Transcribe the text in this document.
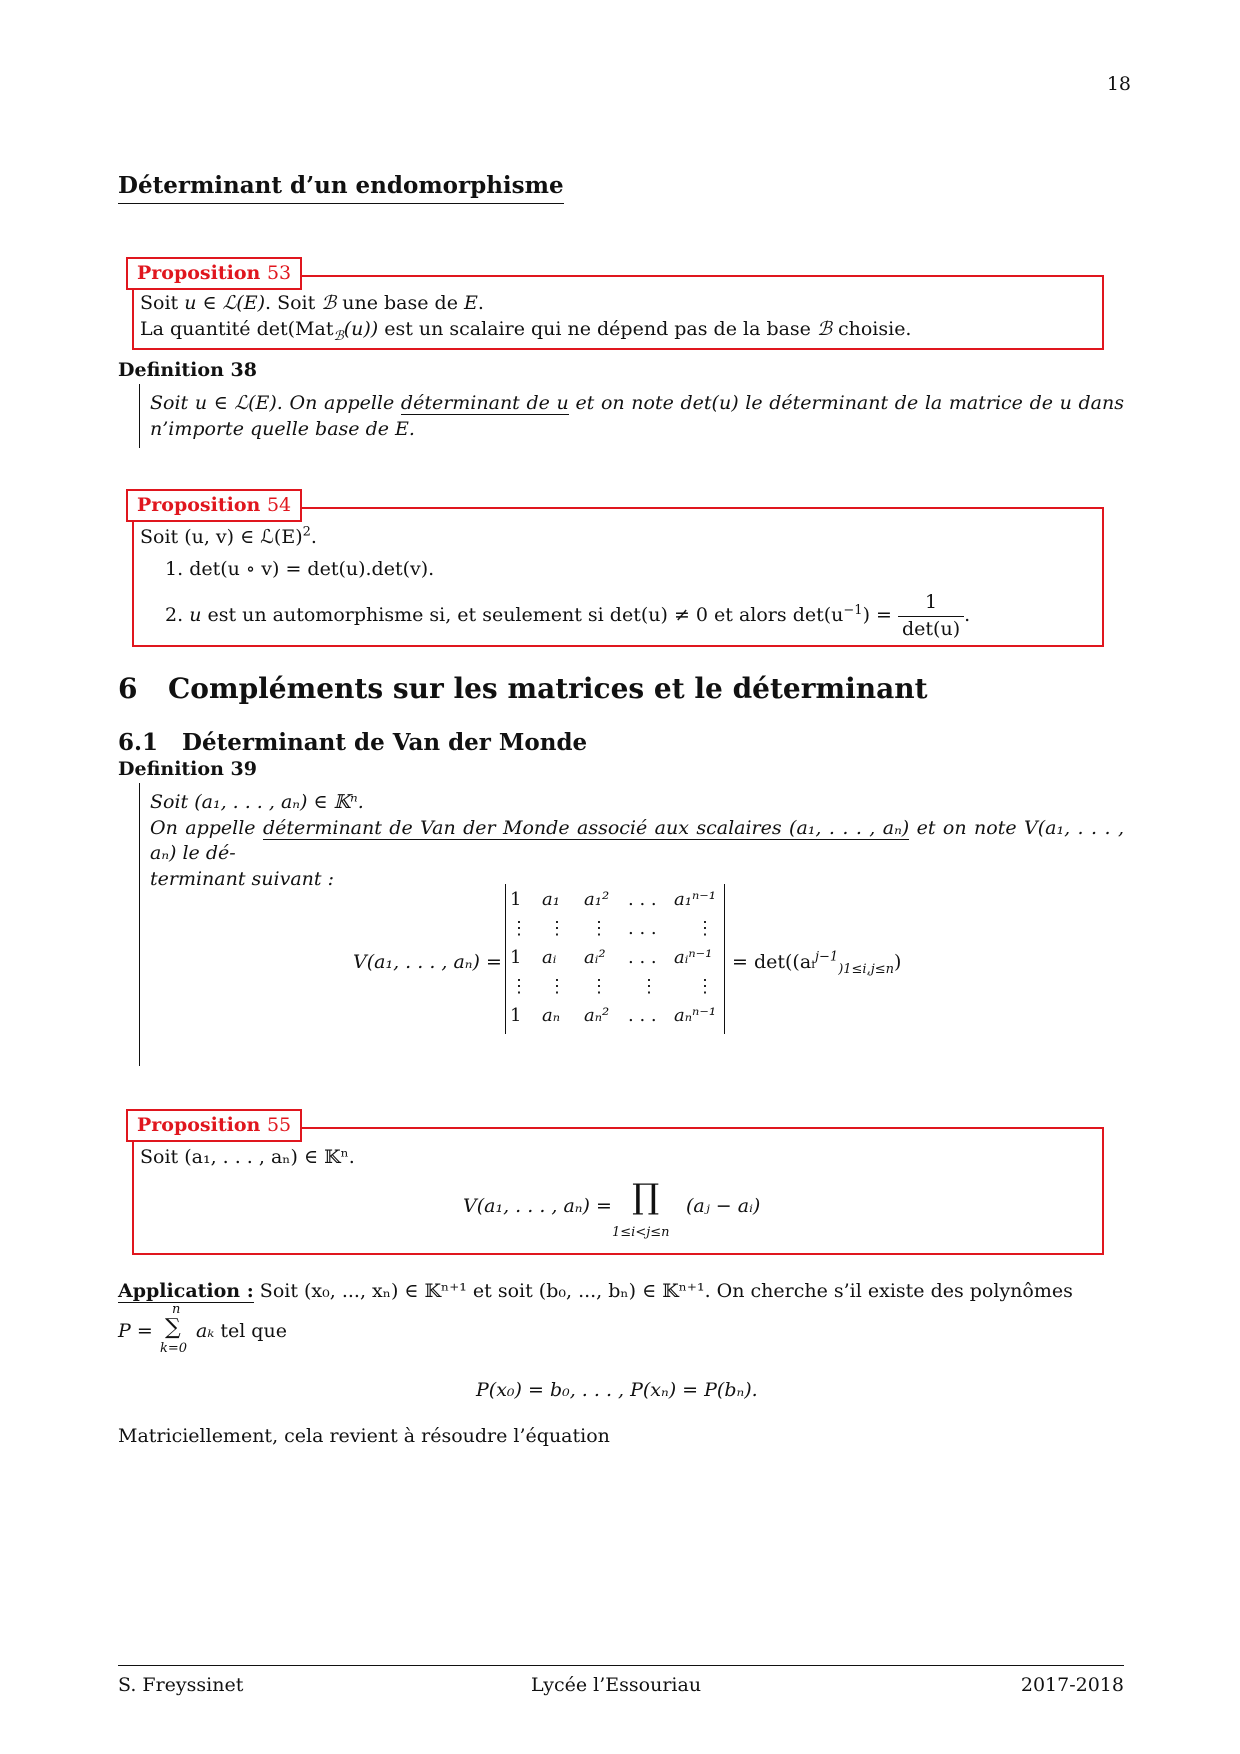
18
Déterminant d’un endomorphisme
Proposition 53
Soit u ∈ ℒ(E). Soit ℬ une base de E.
La quantité det(Mat$_ℬ$(u)) est un scalaire qui ne dépend pas de la base ℬ choisie.
Definition 38
Soit u ∈ ℒ(E). On appelle déterminant de u et on note det(u) le déterminant de la matrice de u dans n’importe quelle base de E.
Proposition 54
Soit (u, v) ∈ $ℒ(E)^2$.
1. det(u ∘ v) = det(u).det(v).
2. u est un automorphisme si, et seulement si det(u) ≠ 0 et alors $\det(u^{-1}) = \frac{1}{\det(u)}$ .
6 Compléments sur les matrices et le déterminant
6.1 Déterminant de Van der Monde
Definition 39
Soit (a₁, . . . , aₙ) ∈ 𝕂ⁿ.
On appelle déterminant de Van der Monde associé aux scalaires (a₁, . . . , aₙ) et on note V(a₁, . . . , aₙ) le dé-
terminant suivant :
V(a₁, . . . , aₙ) =
1 a₁ a₁² . . . a₁ⁿ⁻¹
⋮ ⋮ ⋮ . . . ⋮
1 aᵢ aᵢ² . . . aᵢⁿ⁻¹
⋮ ⋮ ⋮ ⋮ ⋮
1 aₙ aₙ² . . . aₙⁿ⁻¹
= det((aᵢ$^{j-1}_{)1\le i,j\le n}$)
Proposition 55
Soit (a₁, . . . , aₙ) ∈ 𝕂ⁿ.
V(a₁, . . . , aₙ) = ∏
1≤i<j≤n
(aⱼ − aᵢ)
Application : Soit (x₀, ..., xₙ) ∈ 𝕂ⁿ⁺¹ et soit (b₀, ..., bₙ) ∈ 𝕂ⁿ⁺¹. On cherche s’il existe des polynômes
P =
n
∑
k=0
aₖ tel que
P(x₀) = b₀, . . . , P(xₙ) = P(bₙ).
Matriciellement, cela revient à résoudre l’équation
S. Freyssinet	Lycée l’Essouriau	2017-2018
